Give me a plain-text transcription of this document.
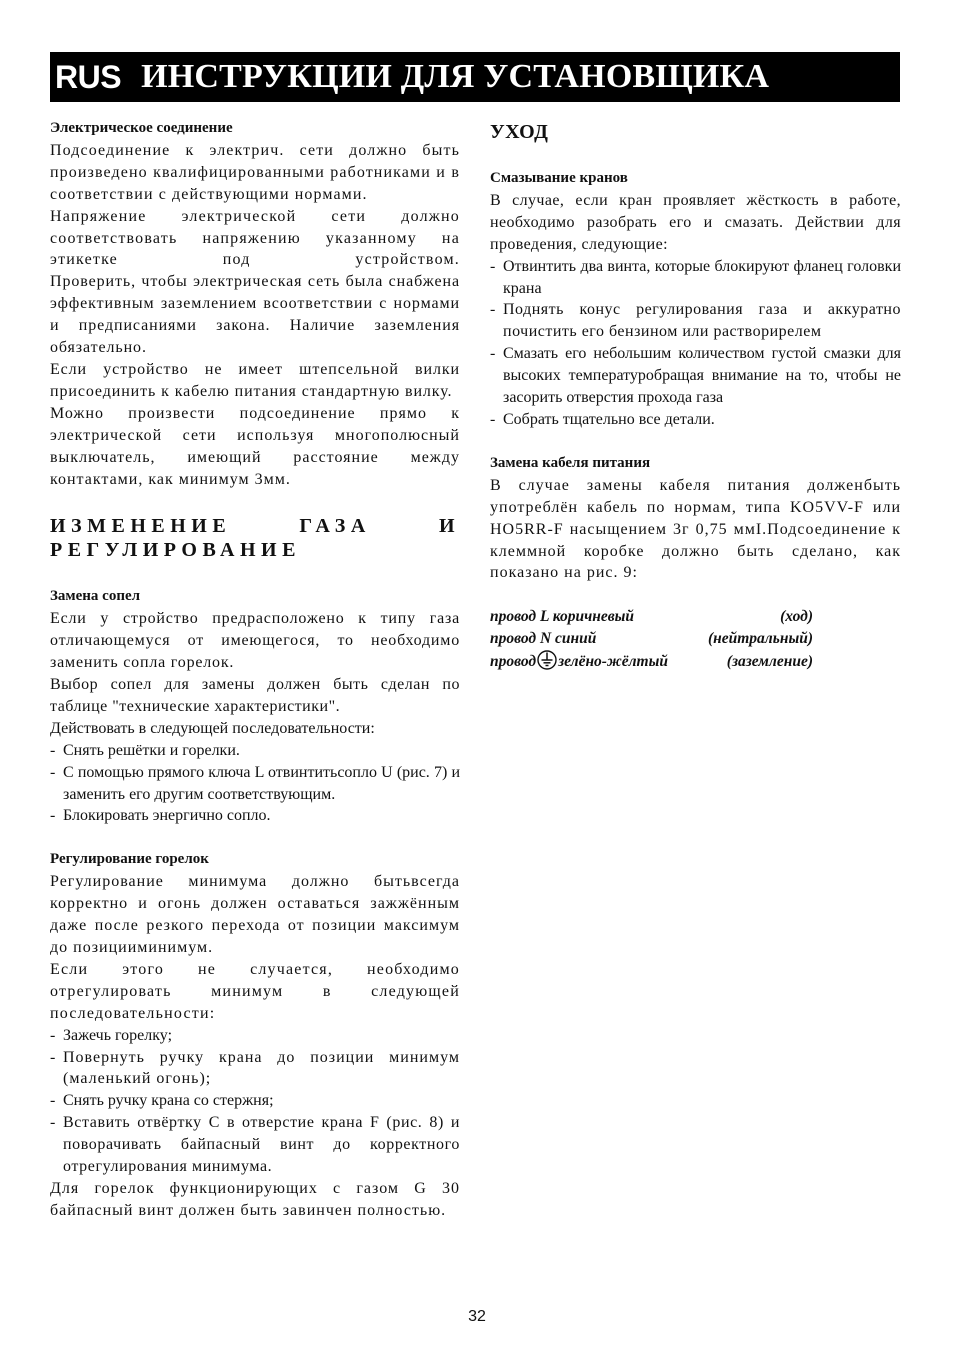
RUS ИНСТРУКЦИИ ДЛЯ УСТАНОВЩИКА
Электрическое соединение

Подсоединение к электрич. сети должно быть произведено квалифицированными работниками и в соответствии с действующими нормами.

Напряжение электрической сети должно соответствовать напряжению указанному на этикетке под устройством.

Проверить, чтобы электрическая сеть была снабжена эффективным заземлением всоответствии с нормами и предписаниями закона. Наличие заземления обязательно.

Если устройство не имеет штепсельной вилки присоединить к кабелю питания стандартную вилку.

Можно произвести подсоединение прямо к электрической сети используя многополюсный выключатель, имеющий расстояние между контактами, как минимум 3мм.

ИЗМЕНЕНИЕ	ГАЗА	И
РЕГУЛИРОВАНИЕ
Замена сопел

Если у стройство предрасположено к типу газа отличающемуся от имеющегося, то необходимо заменить сопла горелок.

Выбор сопел для замены должен быть сделан по таблице "технические характеристики".

Действовать в следующей последовательности:

- Снять решётки и горелки.
- С помощью прямого ключа L отвинтитьсопло U (рис. 7) и заменить его другим соответствующим.
- Блокировать энергично сопло.
Регулирование горелок

Регулирование минимума должно бытьвсегда корректно и огонь должен оставаться зажжённым даже после резкого перехода от позиции максимум до позицииминимум.

Если этого не случается, необходимо отрегулировать минимум в следующей последовательности:

- Зажечь горелку;
- Повернуть ручку крана до позиции минимум (маленький огонь);
- Снять ручку крана со стержня;
- Вставить отвёртку С в отверстие крана F (рис. 8) и поворачивать байпасный винт до корректного отрегулирования минимума.

Для горелок функционирующих с газом G 30 байпасный винт должен быть завинчен полностью.

УХОД
Смазывание кранов

В случае, если кран проявляет жёсткость в работе, необходимо разобрать его и смазать. Действии для проведения, следующие:

- Отвинтить два винта, которые блокируют фланец головки крана
- Поднять конус регулирования газа и аккуратно почистить его бензином или растворирелем
- Смазать его небольшим количеством густой смазки для высоких температуробращая внимание на то, чтобы не засорить отверстия прохода газа
- Собрать тщательно все детали.
Замена кабеля питания

В случае замены кабеля питания долженбыть употреблён кабель по нормам, типа KO5VV-F или HO5RR-F насыщением 3г 0,75 ммI.Подсоединение к клеммной коробке должно быть сделано, как показано на рис. 9:

провод L коричневый	(ход)
провод N синий	(нейтральный)
провод зелёно-жёлтый	(заземление)
32
